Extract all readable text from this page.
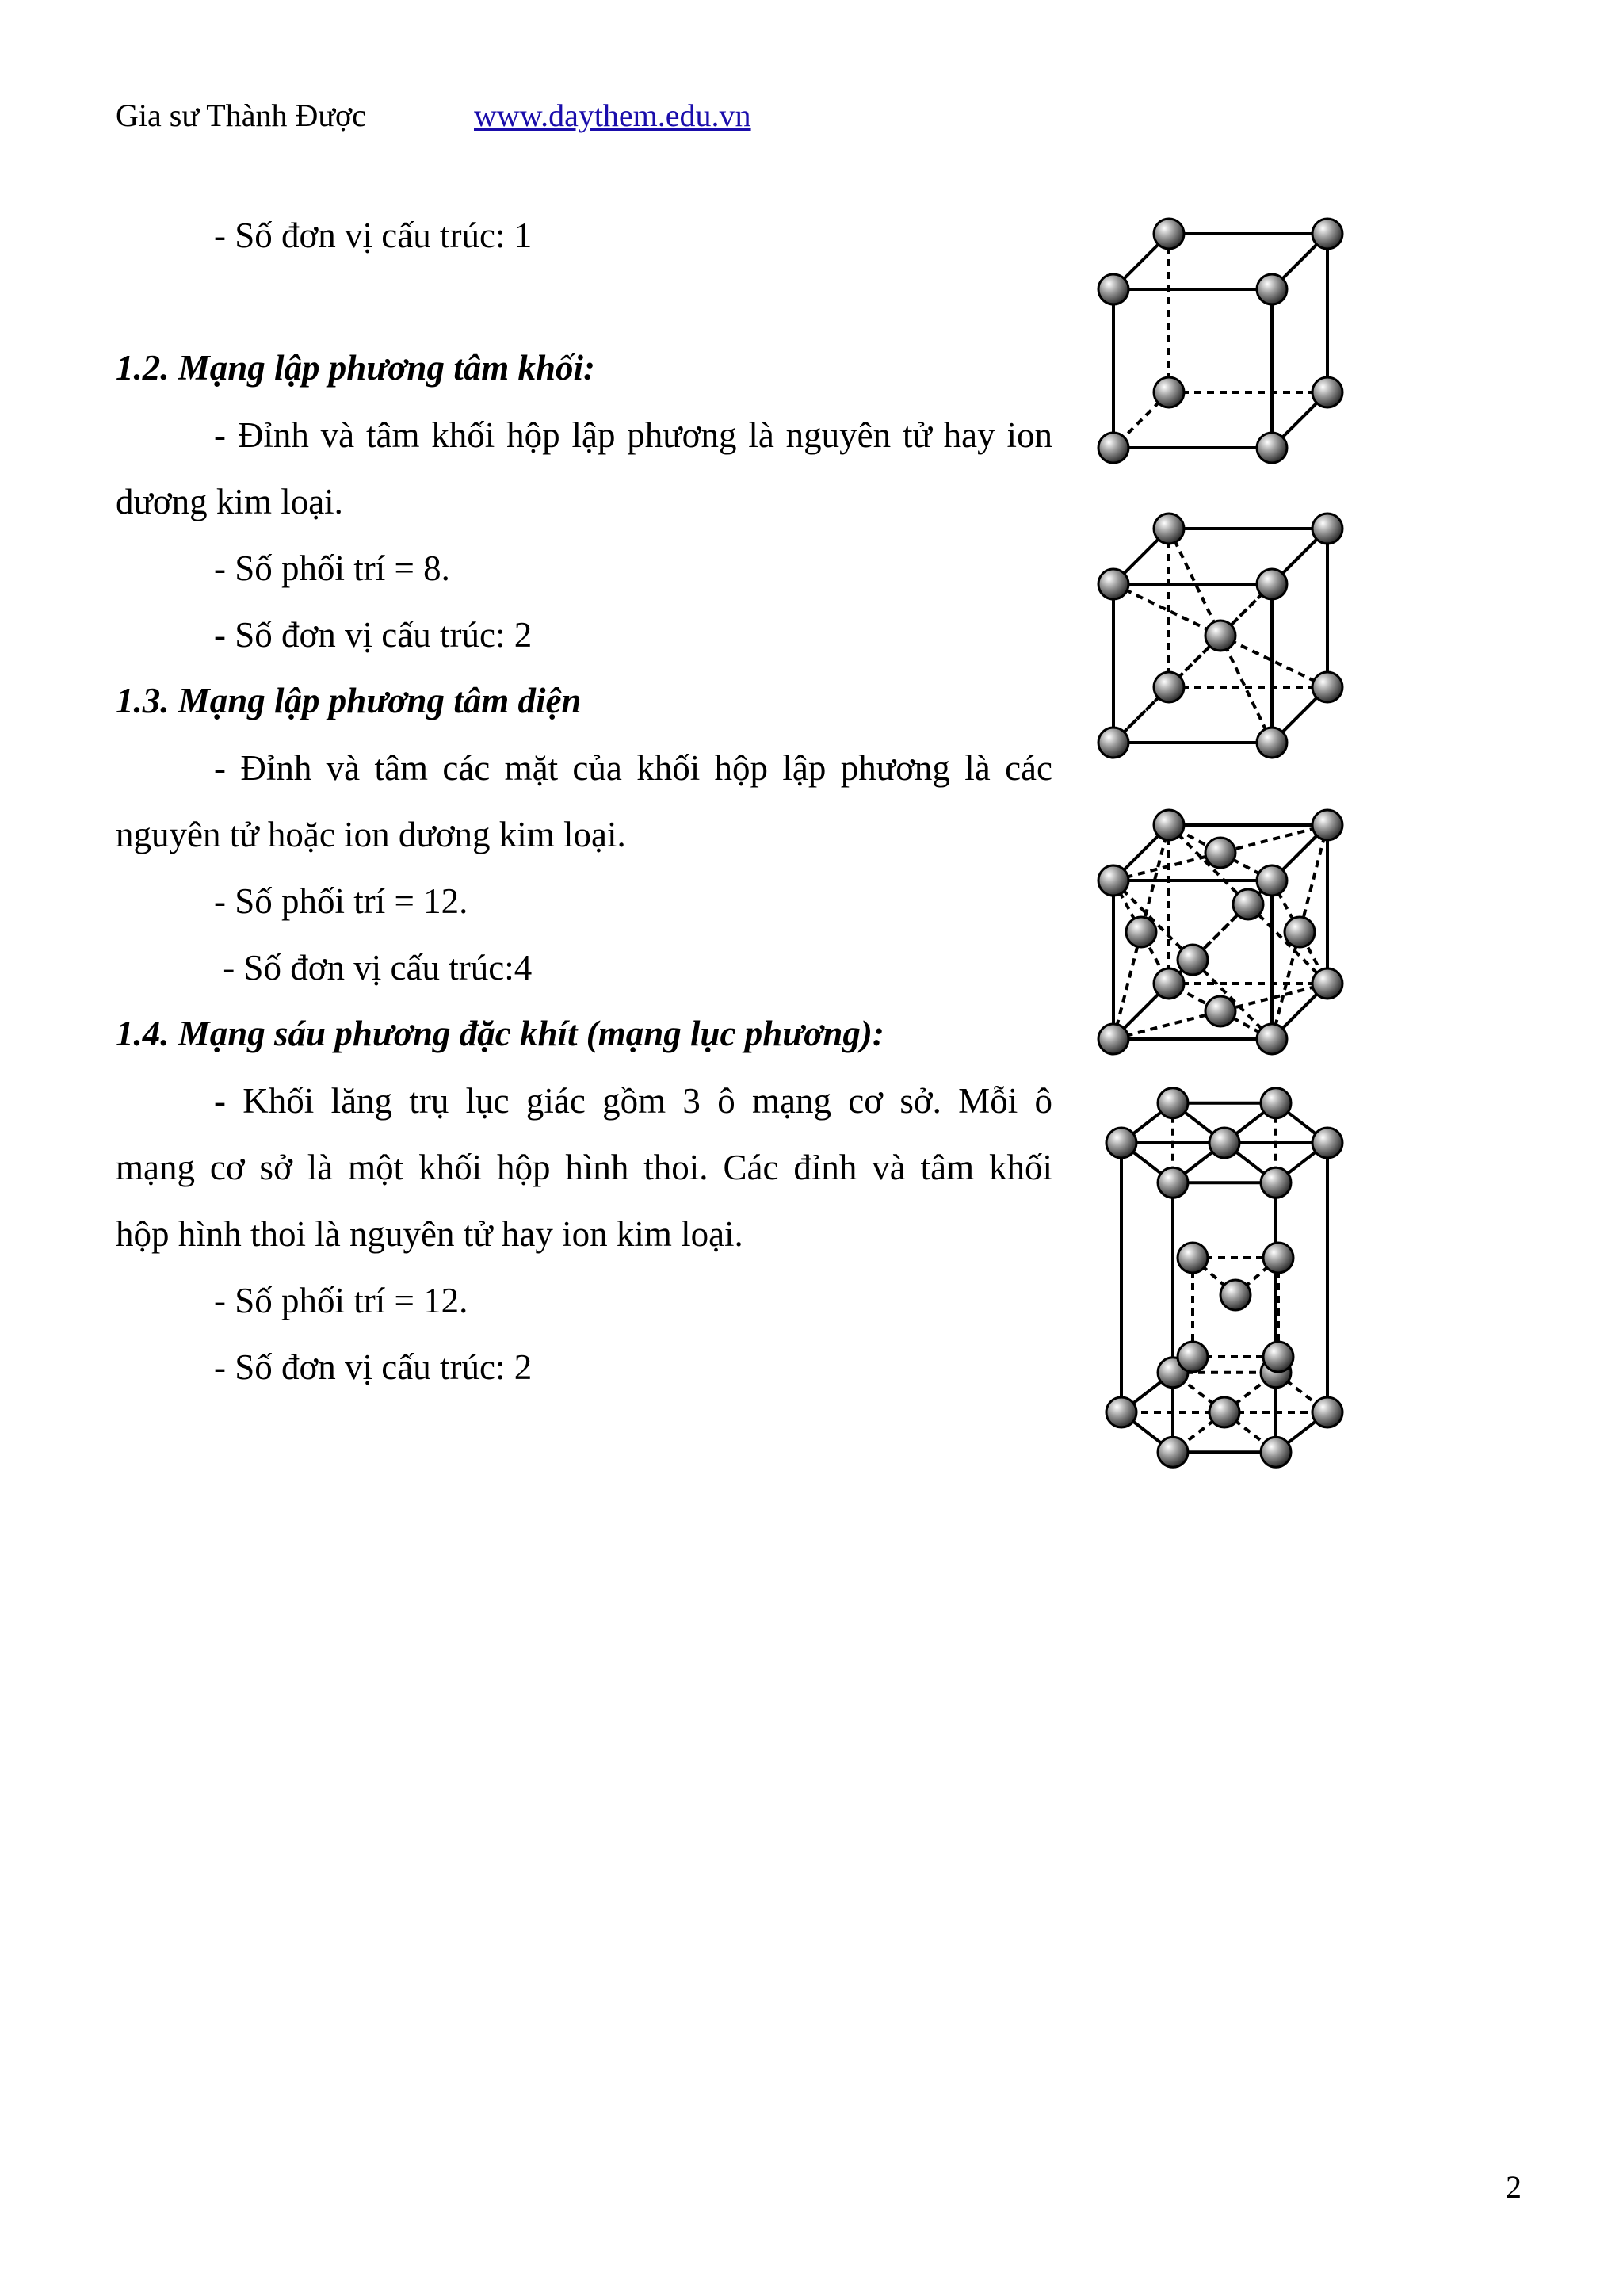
Gia sư Thành Được	www.daythem.edu.vn
- Số đơn vị cấu trúc: 1
1.2. Mạng lập phương tâm khối:
- Đỉnh và tâm khối hộp lập phương là nguyên tử hay ion
dương kim loại.
- Số phối trí = 8.
- Số đơn vị cấu trúc: 2
1.3. Mạng lập phương tâm diện
- Đỉnh và tâm các mặt của khối hộp lập phương là các
nguyên tử hoặc ion dương kim loại.
- Số phối trí = 12.
- Số đơn vị cấu trúc:4
1.4. Mạng sáu phương đặc khít (mạng lục phương):
- Khối lăng trụ lục giác gồm 3 ô mạng cơ sở. Mỗi ô
mạng cơ sở là một khối hộp hình thoi. Các đỉnh và tâm khối
hộp hình thoi là nguyên tử hay ion kim loại.
- Số phối trí = 12.
- Số đơn vị cấu trúc: 2
2
